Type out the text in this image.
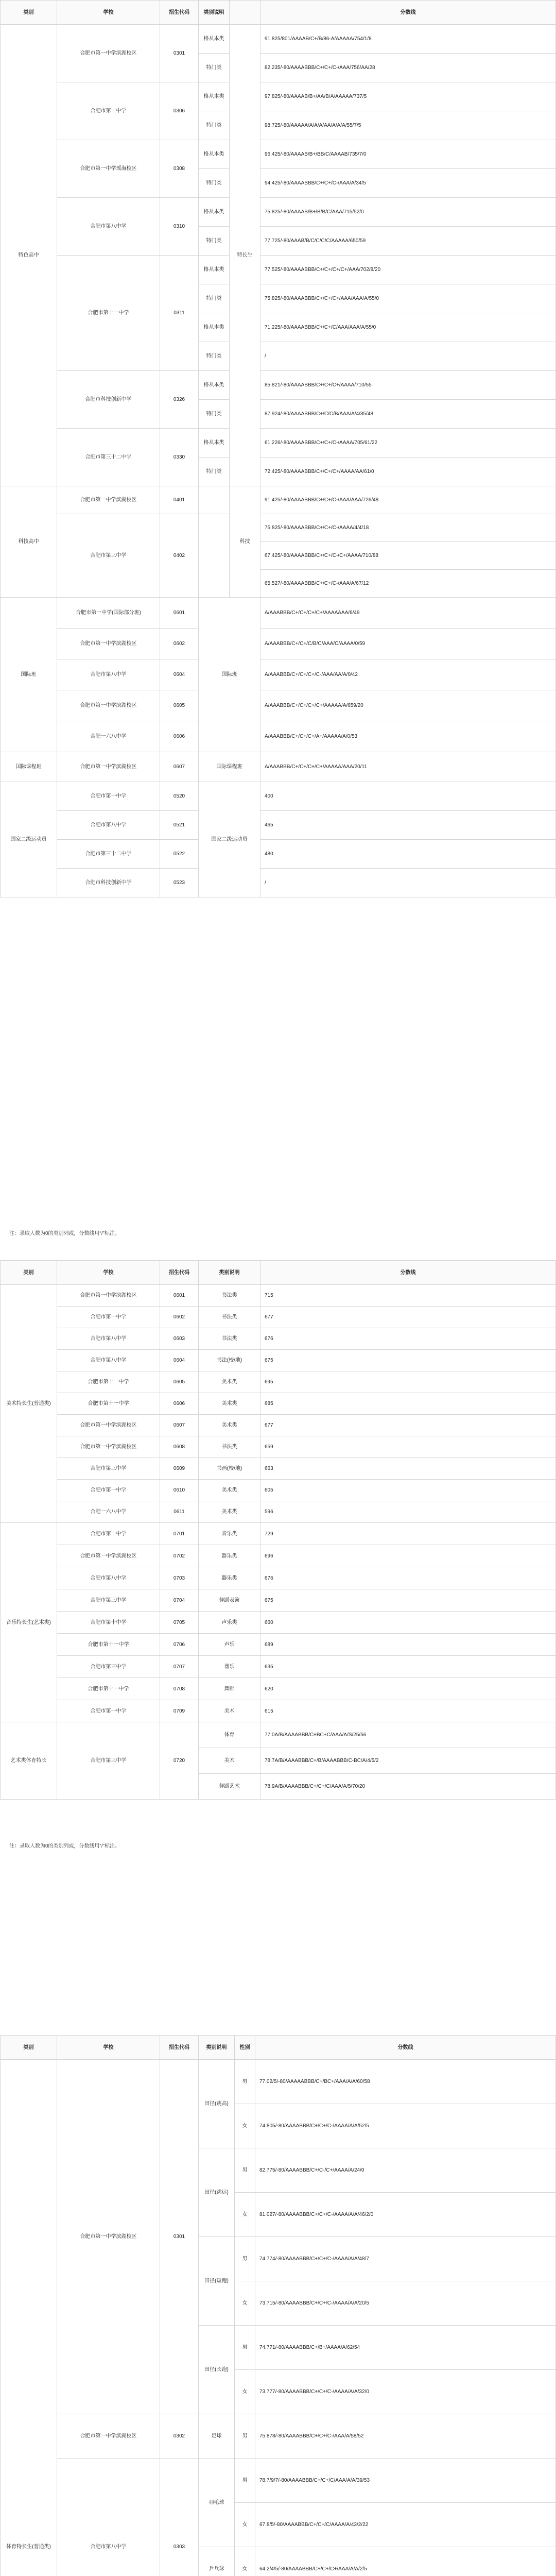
类别	学校	招生代码	类别说明		分数线
特色高中	合肥市第一中学滨湖校区	0301	格从本类	特长生	91.825/801/AAAAB/C+/B/86-A/AAAAA/754/1/8
			特门类		82.235/-80/AAAABBB/C+/C+/C-/AAA/756/AA/28
	合肥市第一中学	0306	格从本类		97.825/-80/AAAAB/B+/AA/B/A/AAAAA/737/5
			特门类		98.725/-80/AAAAA/A/A/A/AA/A/A/A/55/7/5
	合肥市第一中学瑶海校区	0308	格从本类		96.425/-80/AAAAB/B+/BB/C/AAAAB/735/7/0
			特门类		94.425/-80/AAAABBB/C+/C+/C-/AAA/A/34/5
	合肥市第八中学	0310	格从本类		75.825/-80/AAAAB/B+/B/B/C/AAA/715/52/0
			特门类		77.725/-80/AAAB/B/C/C/C/C/AAAAA/650/59
	合肥市第十一中学	0311	格从本类		77.525/-80/AAAABBB/C+/C+/C+/C+/AAA/702/8/20
			特门类		75.825/-80/AAAABBB/C+/C+/C+/AAA/AAA/A/55/0
			格从本类		71.225/-80/AAAABBB/C+/C+/C/AAA/AAA/A/55/0
			特门类		/
	合肥市科技创新中学	0326	格从本类		85.821/-80/AAAABBB/C+/C+/C+/AAAA/710/55
			特门类		87.924/-80/AAAABBB/C+/C/C/B/AAA/A/4/35/48
	合肥市第三十二中学	0330	格从本类		61.226/-80/AAAABBB/C+/C+/C-/AAAA/705/61/22
			特门类		72.425/-80/AAAABBB/C+/C+/C+/AAAA/AA/61/0
科技高中	合肥市第一中学滨湖校区	0401		科技	91.425/-80/AAAABBB/C+/C+/C-/AAA/AAA/726/48
	合肥市第三中学	0402			75.825/-80/AAAABBB/C+/C+/C-/AAAA/4/4/18
					67.425/-80/AAAABBB/C+/C+/C-/C+/AAAA/710/88
					65.527/-80/AAAABBB/C+/C+/C-/AAA/A/67/12
国际班	合肥市第一中学(国际部分班)	0601	国际班		A/AAABBB/C+/C+/C+/C+/AAAAAAA/6/49
	合肥市第一中学滨湖校区	0602			A/AAABBB/C+/C+/C/B/C/AAA/C/AAAA/0/59
	合肥市第八中学	0604			A/AAABBB/C+/C+/C+/C-/AAA/AA/A/0/42
	合肥市第一中学滨湖校区	0605			A/AAABBB/C+/C+/C+/C+/AAAAA/A/659/20
	合肥一六八中学	0606			A/AAABBB/C+/C+/C+/A+/AAAAA/A/0/53
国际课程班	合肥市第一中学滨湖校区	0607	国际课程班		A/AAABBB/C+/C+/C+/C+/AAAAA/AAA/20/11
国家二级运动员	合肥市第一中学	0520	国家二级运动员		400
	合肥市第八中学	0521			465
	合肥市第三十二中学	0522			480
	合肥市科技创新中学	0523			/
注：录取人数为0的类别列或，分数线用“/”标注。
类别	学校	招生代码	类别说明	分数线
美术特长生(普通类)	合肥市第一中学滨湖校区	0601	书法类	715
	合肥市第一中学	0602	书法类	677
	合肥市第八中学	0603	书法类	676
	合肥市第八中学	0604	书法(校/地)	675
	合肥市第十一中学	0605	美术类	695
	合肥市第十一中学	0606	美术类	685
	合肥市第一中学滨湖校区	0607	美术类	677
	合肥市第一中学滨湖校区	0608	书法类	659
	合肥市第三中学	0609	书画(校/地)	663
	合肥市第一中学	0610	美术类	605
	合肥一六八中学	0611	美术类	596
音乐特长生(艺术类)	合肥市第一中学	0701	音乐类	729
	合肥市第一中学滨湖校区	0702	器乐类	696
	合肥市第八中学	0703	器乐类	676
	合肥市第三中学	0704	舞蹈表演	675
	合肥市第十中学	0705	声乐类	660
	合肥市第十一中学	0706	声乐	689
	合肥市第三中学	0707	器乐	635
	合肥市第十一中学	0708	舞蹈	620
	合肥市第一中学	0709	美术	615
艺术类体育特长	合肥市第三中学	0720	体育	77.0A/B/AAAABBB/C+BC+C/AAA/A/S/25/56
			美术	78.7A/B/AAAABBB/C+/B/AAAABBB/C-BC/A/4/5/2
			舞蹈艺术	78.9A/B/AAAABBB/C+/C+/C/AAA/A/5/70/20
注：录取人数为0的类别列或，分数线用“/”标注。
类别	学校	招生代码	类别说明	性别	分数线
体育特长生(普通类)	合肥市第一中学滨湖校区	0301	田径(跳高)	男	77.02/5/-80/AAAAABBB/C+/BC+/AAA/A/A/60/58
				女	74.805/-80/AAAABBB/C+/C+/C-/AAAA/A/A/52/5
			田径(跳远)	男	82.775/-80/AAAABBB/C+/C-/C+/AAAA/A/24/0
				女	81.027/-80/AAAABBB/C+/C+/C-/AAAA/A/A/46/2/0
			田径(短跑)	男	74.774/-80/AAAABBB/C+/C+/C-/AAAA/A/A/48/7
				女	73.715/-80/AAAABBB/C+/C+/C-/AAAA/A/A/20/5
			田径(长跑)	男	74.771/-80/AAAABBB/C+/B+/AAAA/A/62/54
				女	73.777/-80/AAAABBB/C+/C+/C-/AAAA/A/A/32/0
	合肥市第一中学滨湖校区	0302	足球	男	75.878/-80/AAAABBB/C+/C+/C-/AAA/A/58/52
	合肥市第八中学	0303	羽毛球	男	78.7/9/7/-80/AAAABBB/C+/C+/C/AAA/A/A/39/53
				女	67.8/5/-80/AAAABBB/C+/C+/C/AAAA/A/43/2/22
			乒乓球	女	64.2/4/5/-80/AAAABBB/C+/C+/C+/AAA/A/A/2/5
